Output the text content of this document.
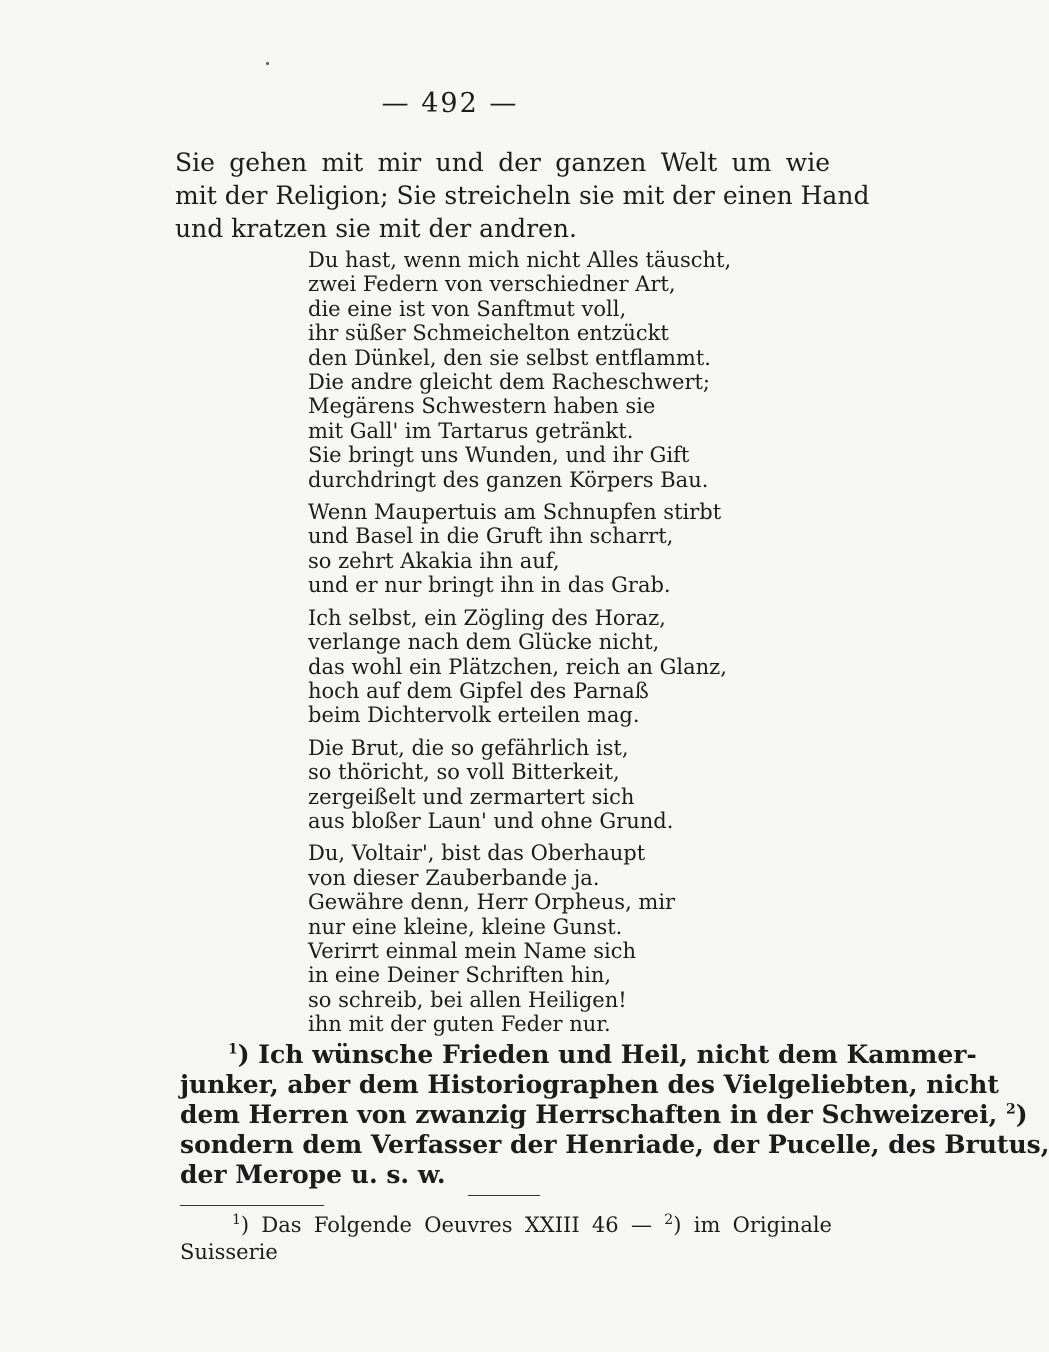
— 492 —
Sie gehen mit mir und der ganzen Welt um wie
mit der Religion; Sie streicheln sie mit der einen Hand
und kratzen sie mit der andren.
Du hast, wenn mich nicht Alles täuscht,
zwei Federn von verschiedner Art,
die eine ist von Sanftmut voll,
ihr süßer Schmeichelton entzückt
den Dünkel, den sie selbst entflammt.
Die andre gleicht dem Racheschwert;
Megärens Schwestern haben sie
mit Gall' im Tartarus getränkt.
Sie bringt uns Wunden, und ihr Gift
durchdringt des ganzen Körpers Bau.
Wenn Maupertuis am Schnupfen stirbt
und Basel in die Gruft ihn scharrt,
so zehrt Akakia ihn auf,
und er nur bringt ihn in das Grab.
Ich selbst, ein Zögling des Horaz,
verlange nach dem Glücke nicht,
das wohl ein Plätzchen, reich an Glanz,
hoch auf dem Gipfel des Parnaß
beim Dichtervolk erteilen mag.
Die Brut, die so gefährlich ist,
so thöricht, so voll Bitterkeit,
zergeißelt und zermartert sich
aus bloßer Laun' und ohne Grund.
Du, Voltair', bist das Oberhaupt
von dieser Zauberbande ja.
Gewähre denn, Herr Orpheus, mir
nur eine kleine, kleine Gunst.
Verirrt einmal mein Name sich
in eine Deiner Schriften hin,
so schreib, bei allen Heiligen!
ihn mit der guten Feder nur.
$^1$) Ich wünsche Frieden und Heil, nicht dem Kammer-
junker, aber dem Historiographen des Vielgeliebten, nicht
dem Herren von zwanzig Herrschaften in der Schweizerei, $^2$)
sondern dem Verfasser der Henriade, der Pucelle, des Brutus,
der Merope u. s. w.
$^1$) Das Folgende Oeuvres XXIII 46 — $^2$) im Originale
Suisserie
